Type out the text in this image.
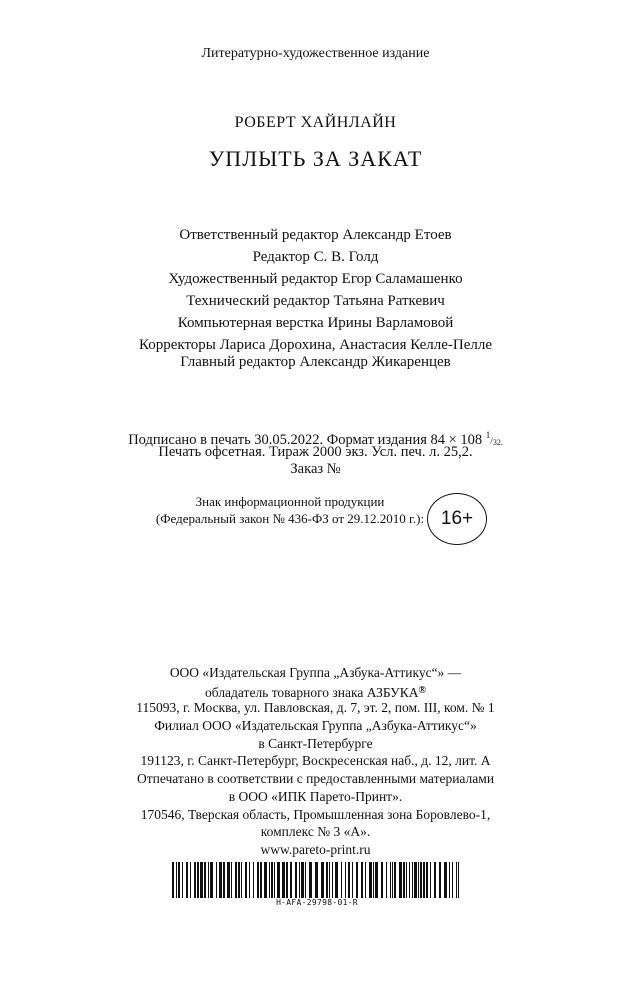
Литературно-художественное издание
РОБЕРТ ХАЙНЛАЙН
УПЛЫТЬ ЗА ЗАКАТ
Ответственный редактор Александр Етоев
Редактор С. В. Голд
Художественный редактор Егор Саламашенко
Технический редактор Татьяна Раткевич
Компьютерная верстка Ирины Варламовой
Корректоры Лариса Дорохина, Анастасия Келле-Пелле
Главный редактор Александр Жикаренцев
Подписано в печать 30.05.2022. Формат издания 84 × 108 $^1/_{32.}$
Печать офсетная. Тираж 2000 экз. Усл. печ. л. 25,2.
Заказ №
Знак информационной продукции
(Федеральный закон № 436-ФЗ от 29.12.2010 г.): 16+
ООО «Издательская Группа „Азбука-Аттикус“» —
обладатель товарного знака АЗБУКА®
115093, г. Москва, ул. Павловская, д. 7, эт. 2, пом. III, ком. № 1
Филиал ООО «Издательская Группа „Азбука-Аттикус“»
в Санкт-Петербурге
191123, г. Санкт-Петербург, Воскресенская наб., д. 12, лит. А
Отпечатано в соответствии с предоставленными материалами
в ООО «ИПК Парето-Принт».
170546, Тверская область, Промышленная зона Боровлево-1,
комплекс № 3 «А».
www.pareto-print.ru
H-AFA-29798-01-R
